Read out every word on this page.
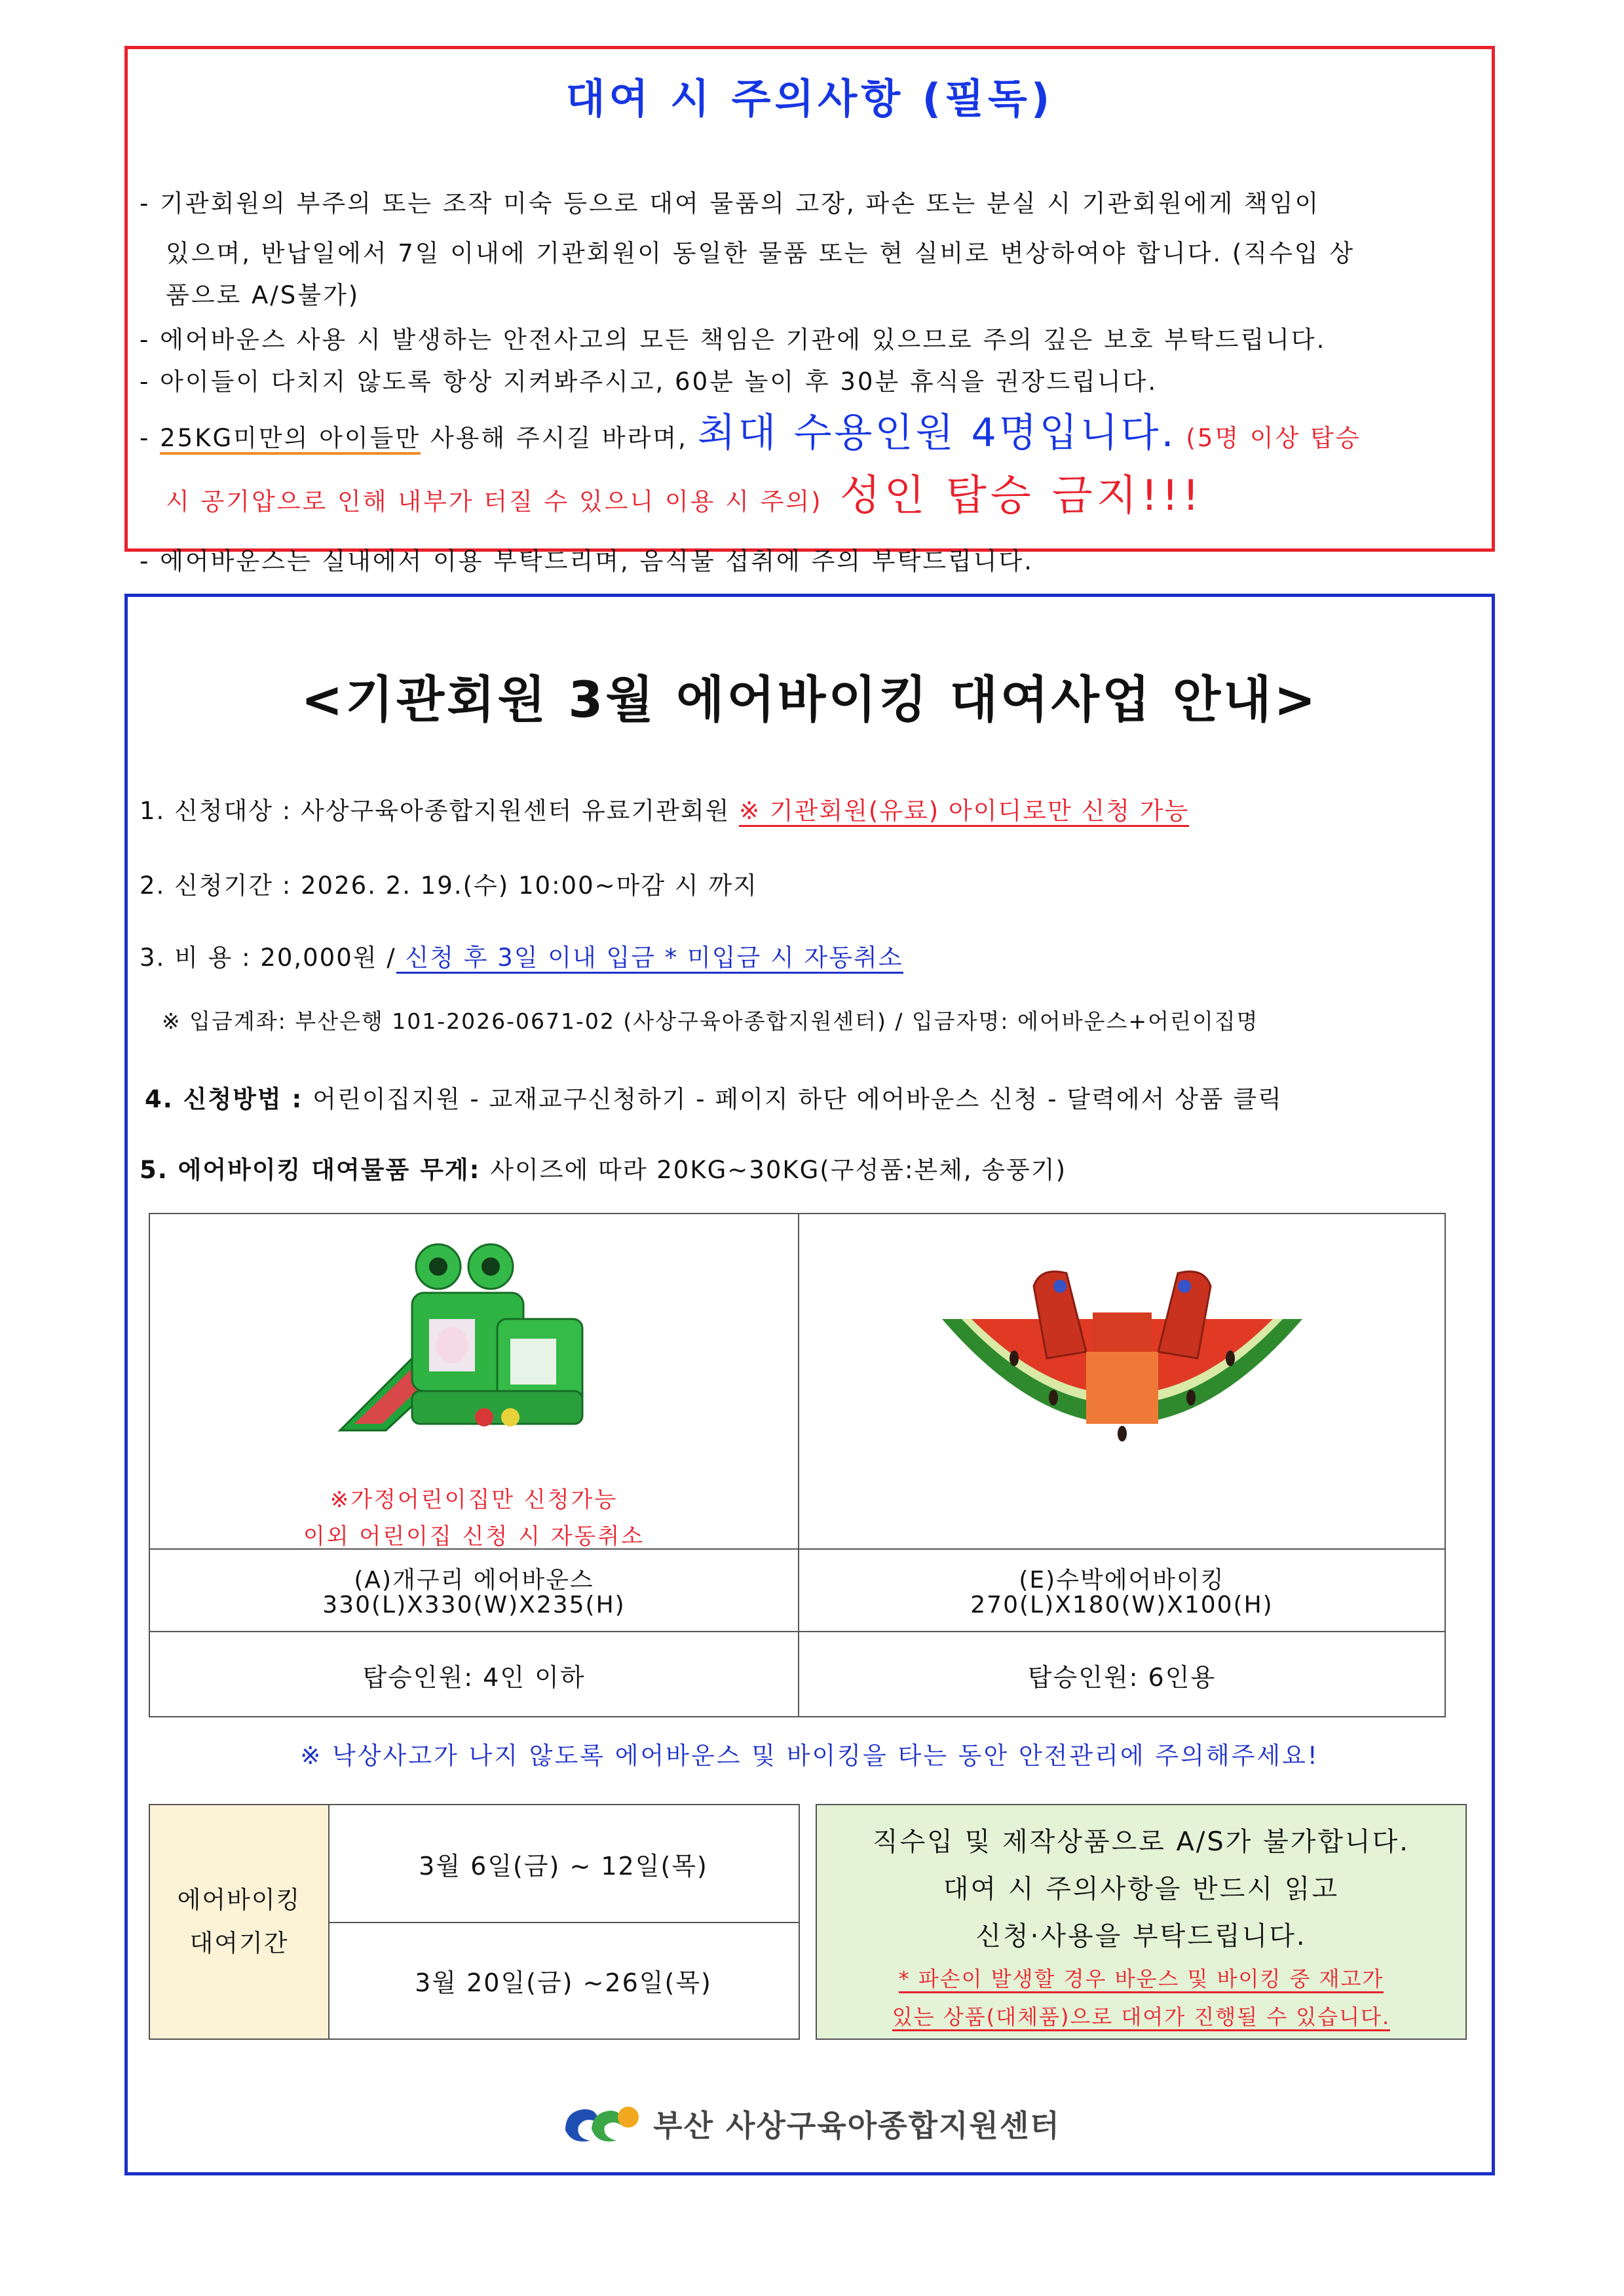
대여 시 주의사항 (필독)
- 기관회원의 부주의 또는 조작 미숙 등으로 대여 물품의 고장, 파손 또는 분실 시 기관회원에게 책임이
있으며, 반납일에서 7일 이내에 기관회원이 동일한 물품 또는 현 실비로 변상하여야 합니다. (직수입 상
품으로 A/S불가)
- 에어바운스 사용 시 발생하는 안전사고의 모든 책임은 기관에 있으므로 주의 깊은 보호 부탁드립니다.
- 아이들이 다치지 않도록 항상 지켜봐주시고, 60분 놀이 후 30분 휴식을 권장드립니다.
- 25KG미만의 아이들만 사용해 주시길 바라며, 최대 수용인원 4명입니다. (5명 이상 탑승
시 공기압으로 인해 내부가 터질 수 있으니 이용 시 주의) 성인 탑승 금지!!!
- 에어바운스는 실내에서 이용 부탁드리며, 음식물 섭취에 주의 부탁드립니다.
<기관회원 3월 에어바이킹 대여사업 안내>
1. 신청대상 : 사상구육아종합지원센터 유료기관회원 ※ 기관회원(유료) 아이디로만 신청 가능
2. 신청기간 : 2026. 2. 19.(수) 10:00~마감 시 까지
3. 비 용 : 20,000원 / 신청 후 3일 이내 입금 * 미입금 시 자동취소
※ 입금계좌: 부산은행 101-2026-0671-02 (사상구육아종합지원센터) / 입금자명: 에어바운스+어린이집명
4. 신청방법 : 어린이집지원 - 교재교구신청하기 - 페이지 하단 에어바운스 신청 - 달력에서 상품 클릭
5. 에어바이킹 대여물품 무게: 사이즈에 따라 20KG~30KG(구성품:본체, 송풍기)
※가정어린이집만 신청가능
이외 어린이집 신청 시 자동취소
(A)개구리 에어바운스
330(L)X330(W)X235(H)
탑승인원: 4인 이하
(E)수박에어바이킹
270(L)X180(W)X100(H)
탑승인원: 6인용
※ 낙상사고가 나지 않도록 에어바운스 및 바이킹을 타는 동안 안전관리에 주의해주세요!
에어바이킹
대여기간
3월 6일(금) ~ 12일(목)
3월 20일(금) ~26일(목)
직수입 및 제작상품으로 A/S가 불가합니다.
대여 시 주의사항을 반드시 읽고
신청·사용을 부탁드립니다.
* 파손이 발생할 경우 바운스 및 바이킹 중 재고가
있는 상품(대체품)으로 대여가 진행될 수 있습니다.
부산 사상구육아종합지원센터
